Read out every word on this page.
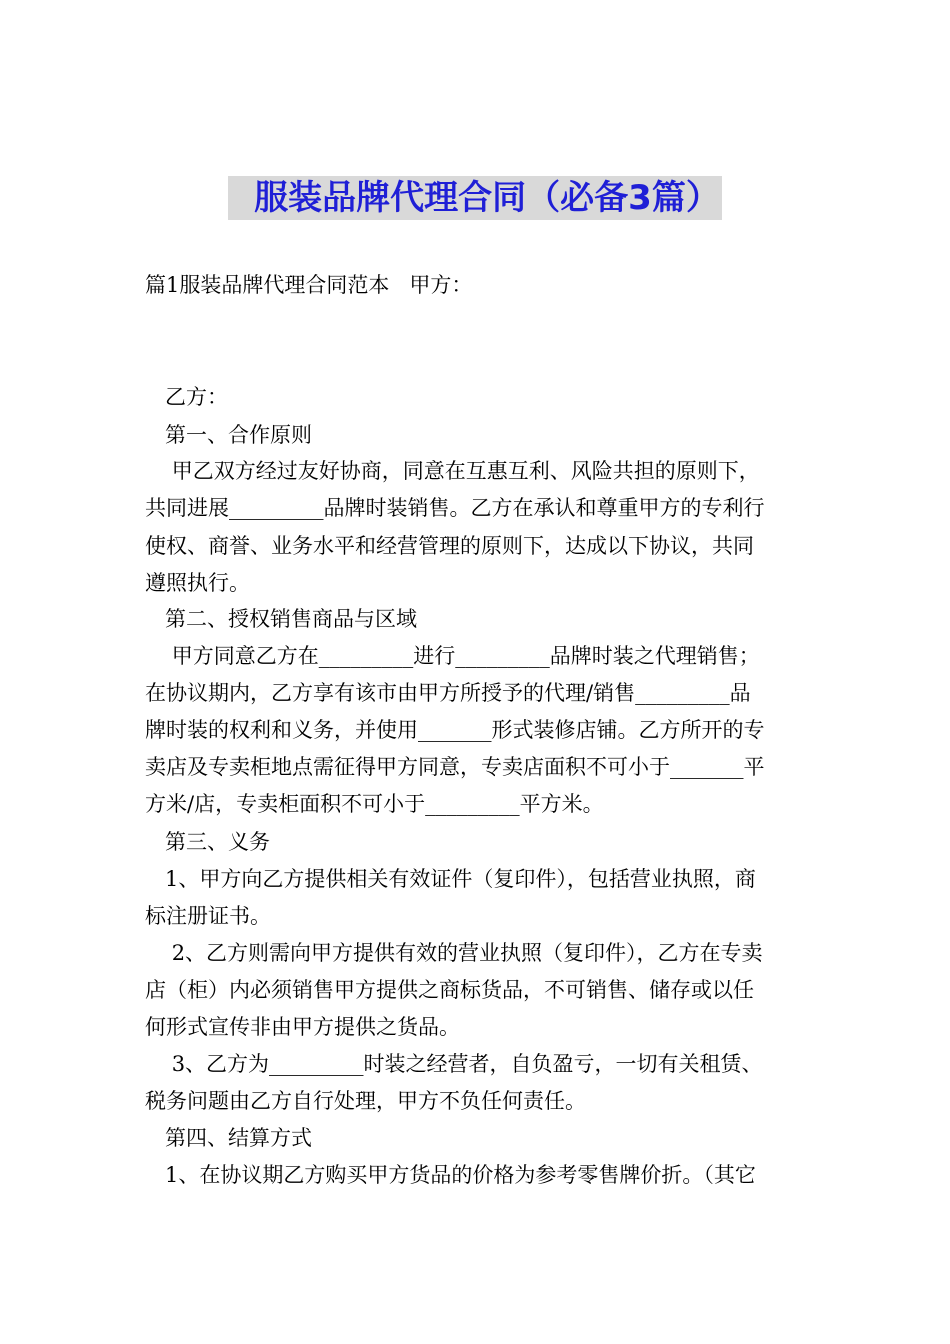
服装品牌代理合同（必备3篇）
篇1服装品牌代理合同范本   甲方：
乙方：
第一、合作原则
甲乙双方经过友好协商，同意在互惠互利、风险共担的原则下，
共同进展_________品牌时装销售。乙方在承认和尊重甲方的专利行
使权、商誉、业务水平和经营管理的原则下，达成以下协议，共同
遵照执行。
第二、授权销售商品与区域
甲方同意乙方在_________进行_________品牌时装之代理销售；
在协议期内，乙方享有该市由甲方所授予的代理/销售_________品
牌时装的权利和义务，并使用_______形式装修店铺。乙方所开的专
卖店及专卖柜地点需征得甲方同意，专卖店面积不可小于_______平
方米/店，专卖柜面积不可小于_________平方米。
第三、义务
1、甲方向乙方提供相关有效证件（复印件），包括营业执照，商
标注册证书。
2、乙方则需向甲方提供有效的营业执照（复印件），乙方在专卖
店（柜）内必须销售甲方提供之商标货品，不可销售、储存或以任
何形式宣传非由甲方提供之货品。
3、乙方为_________时装之经营者，自负盈亏，一切有关租赁、
税务问题由乙方自行处理，甲方不负任何责任。
第四、结算方式
1、在协议期乙方购买甲方货品的价格为参考零售牌价折。（其它
